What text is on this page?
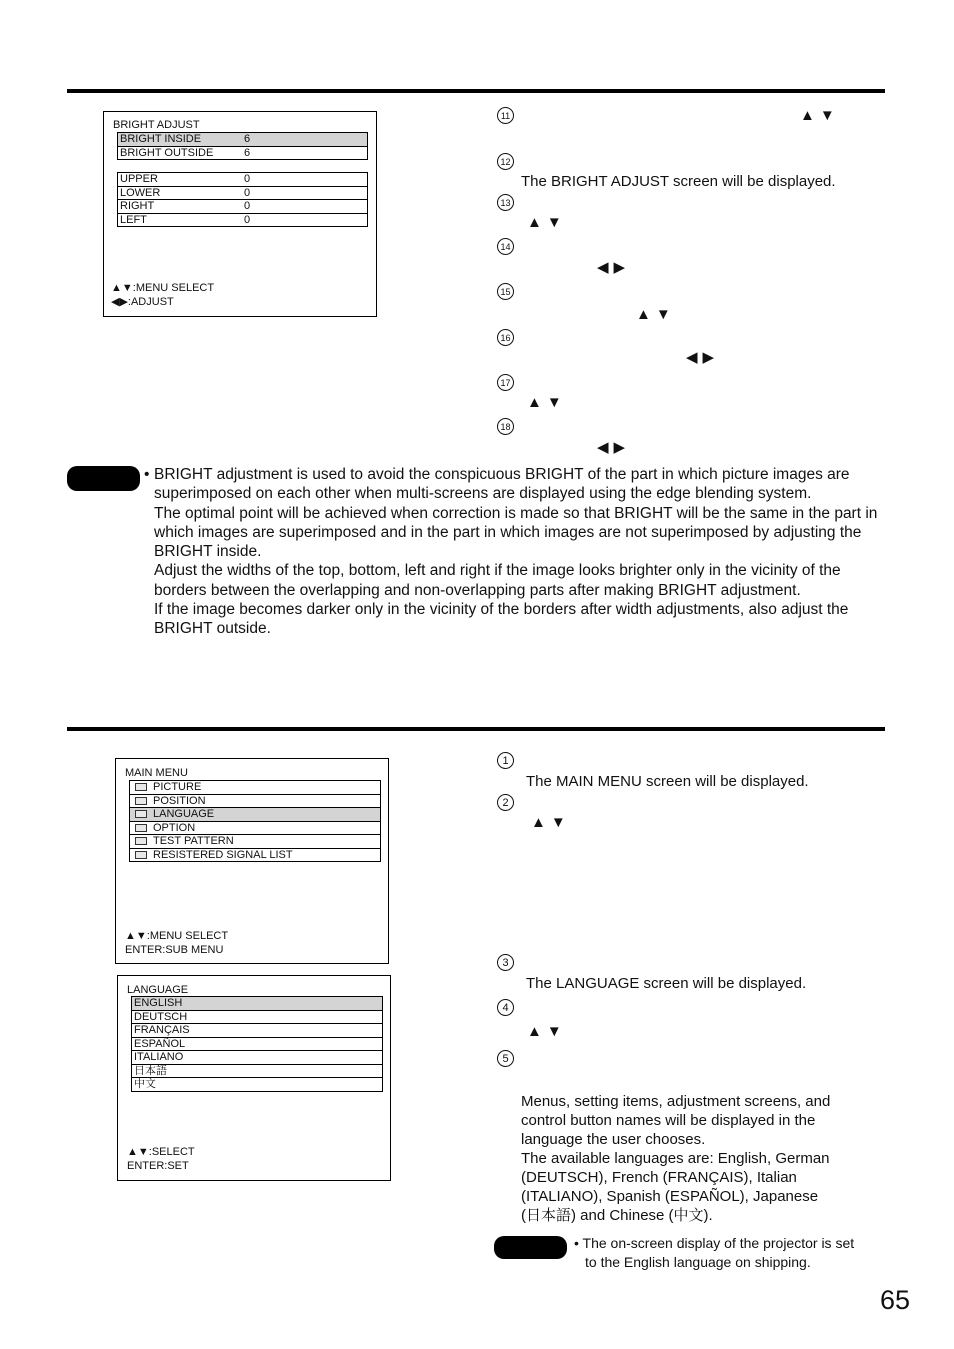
BRIGHT ADJUST
BRIGHT INSIDE	6
BRIGHT OUTSIDE	6
UPPER	0
LOWER	0
RIGHT	0
LEFT	0
▲▼:MENU SELECT
◀▶:ADJUST
11	▲▼
12
The BRIGHT ADJUST screen will be displayed.
13
▲▼
14
◀▶
15
▲▼
16
◀▶
17
▲▼
18
◀▶
• BRIGHT adjustment is used to avoid the conspicuous BRIGHT of the part in which picture images are superimposed on each other when multi-screens are displayed using the edge blending system.

The optimal point will be achieved when correction is made so that BRIGHT will be the same in the part in which images are superimposed and in the part in which images are not superimposed by adjusting the BRIGHT inside.

Adjust the widths of the top, bottom, left and right if the image looks brighter only in the vicinity of the borders between the overlapping and non-overlapping parts after making BRIGHT adjustment.

If the image becomes darker only in the vicinity of the borders after width adjustments, also adjust the BRIGHT outside.

MAIN MENU
PICTURE
POSITION
LANGUAGE
OPTION
TEST PATTERN
RESISTERED SIGNAL LIST
▲▼:MENU SELECT
ENTER:SUB MENU
LANGUAGE
ENGLISH
DEUTSCH
FRANÇAIS
ESPAÑOL
ITALIANO
日本語
中文
▲▼:SELECT
ENTER:SET
1
The MAIN MENU screen will be displayed.
2
▲▼
3
The LANGUAGE screen will be displayed.
4
▲▼
5
Menus, setting items, adjustment screens, and
control button names will be displayed in the
language the user chooses.
The available languages are: English, German
(DEUTSCH), French (FRANÇAIS), Italian
(ITALIANO), Spanish (ESPAÑOL), Japanese
(日本語) and Chinese (中文).
• The on-screen display of the projector is set
to the English language on shipping.
65
